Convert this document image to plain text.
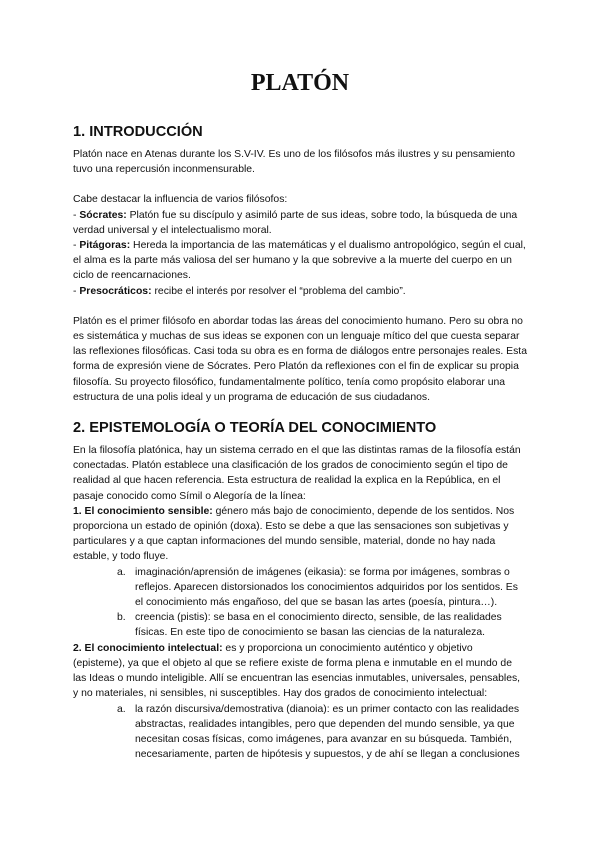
PLATÓN
1. INTRODUCCIÓN

Platón nace en Atenas durante los S.V-IV. Es uno de los filósofos más ilustres y su pensamiento tuvo una repercusión inconmensurable.

Cabe destacar la influencia de varios filósofos:

- Sócrates: Platón fue su discípulo y asimiló parte de sus ideas, sobre todo, la búsqueda de una verdad universal y el intelectualismo moral.

- Pitágoras: Hereda la importancia de las matemáticas y el dualismo antropológico, según el cual, el alma es la parte más valiosa del ser humano y la que sobrevive a la muerte del cuerpo en un ciclo de reencarnaciones.

- Presocráticos: recibe el interés por resolver el “problema del cambio”.

Platón es el primer filósofo en abordar todas las áreas del conocimiento humano. Pero su obra no es sistemática y muchas de sus ideas se exponen con un lenguaje mítico del que cuesta separar las reflexiones filosóficas. Casi toda su obra es en forma de diálogos entre personajes reales. Esta forma de expresión viene de Sócrates. Pero Platón da reflexiones con el fin de explicar su propia filosofía. Su proyecto filosófico, fundamentalmente político, tenía como propósito elaborar una estructura de una polis ideal y un programa de educación de sus ciudadanos.

2. EPISTEMOLOGÍA O TEORÍA DEL CONOCIMIENTO

En la filosofía platónica, hay un sistema cerrado en el que las distintas ramas de la filosofía están conectadas. Platón establece una clasificación de los grados de conocimiento según el tipo de realidad al que hacen referencia. Esta estructura de realidad la explica en la República, en el pasaje conocido como Símil o Alegoría de la línea:

1. El conocimiento sensible: género más bajo de conocimiento, depende de los sentidos. Nos proporciona un estado de opinión (doxa). Esto se debe a que las sensaciones son subjetivas y particulares y a que captan informaciones del mundo sensible, material, donde no hay nada estable, y todo fluye.

a. imaginación/aprensión de imágenes (eikasia): se forma por imágenes, sombras o reflejos. Aparecen distorsionados los conocimientos adquiridos por los sentidos. Es el conocimiento más engañoso, del que se basan las artes (poesía, pintura…).
b. creencia (pistis): se basa en el conocimiento directo, sensible, de las realidades físicas. En este tipo de conocimiento se basan las ciencias de la naturaleza.

2. El conocimiento intelectual: es y proporciona un conocimiento auténtico y objetivo (episteme), ya que el objeto al que se refiere existe de forma plena e inmutable en el mundo de las Ideas o mundo inteligible. Allí se encuentran las esencias inmutables, universales, pensables, y no materiales, ni sensibles, ni susceptibles. Hay dos grados de conocimiento intelectual:

a. la razón discursiva/demostrativa (dianoia): es un primer contacto con las realidades abstractas, realidades intangibles, pero que dependen del mundo sensible, ya que necesitan cosas físicas, como imágenes, para avanzar en su búsqueda. También, necesariamente, parten de hipótesis y supuestos, y de ahí se llegan a conclusiones
